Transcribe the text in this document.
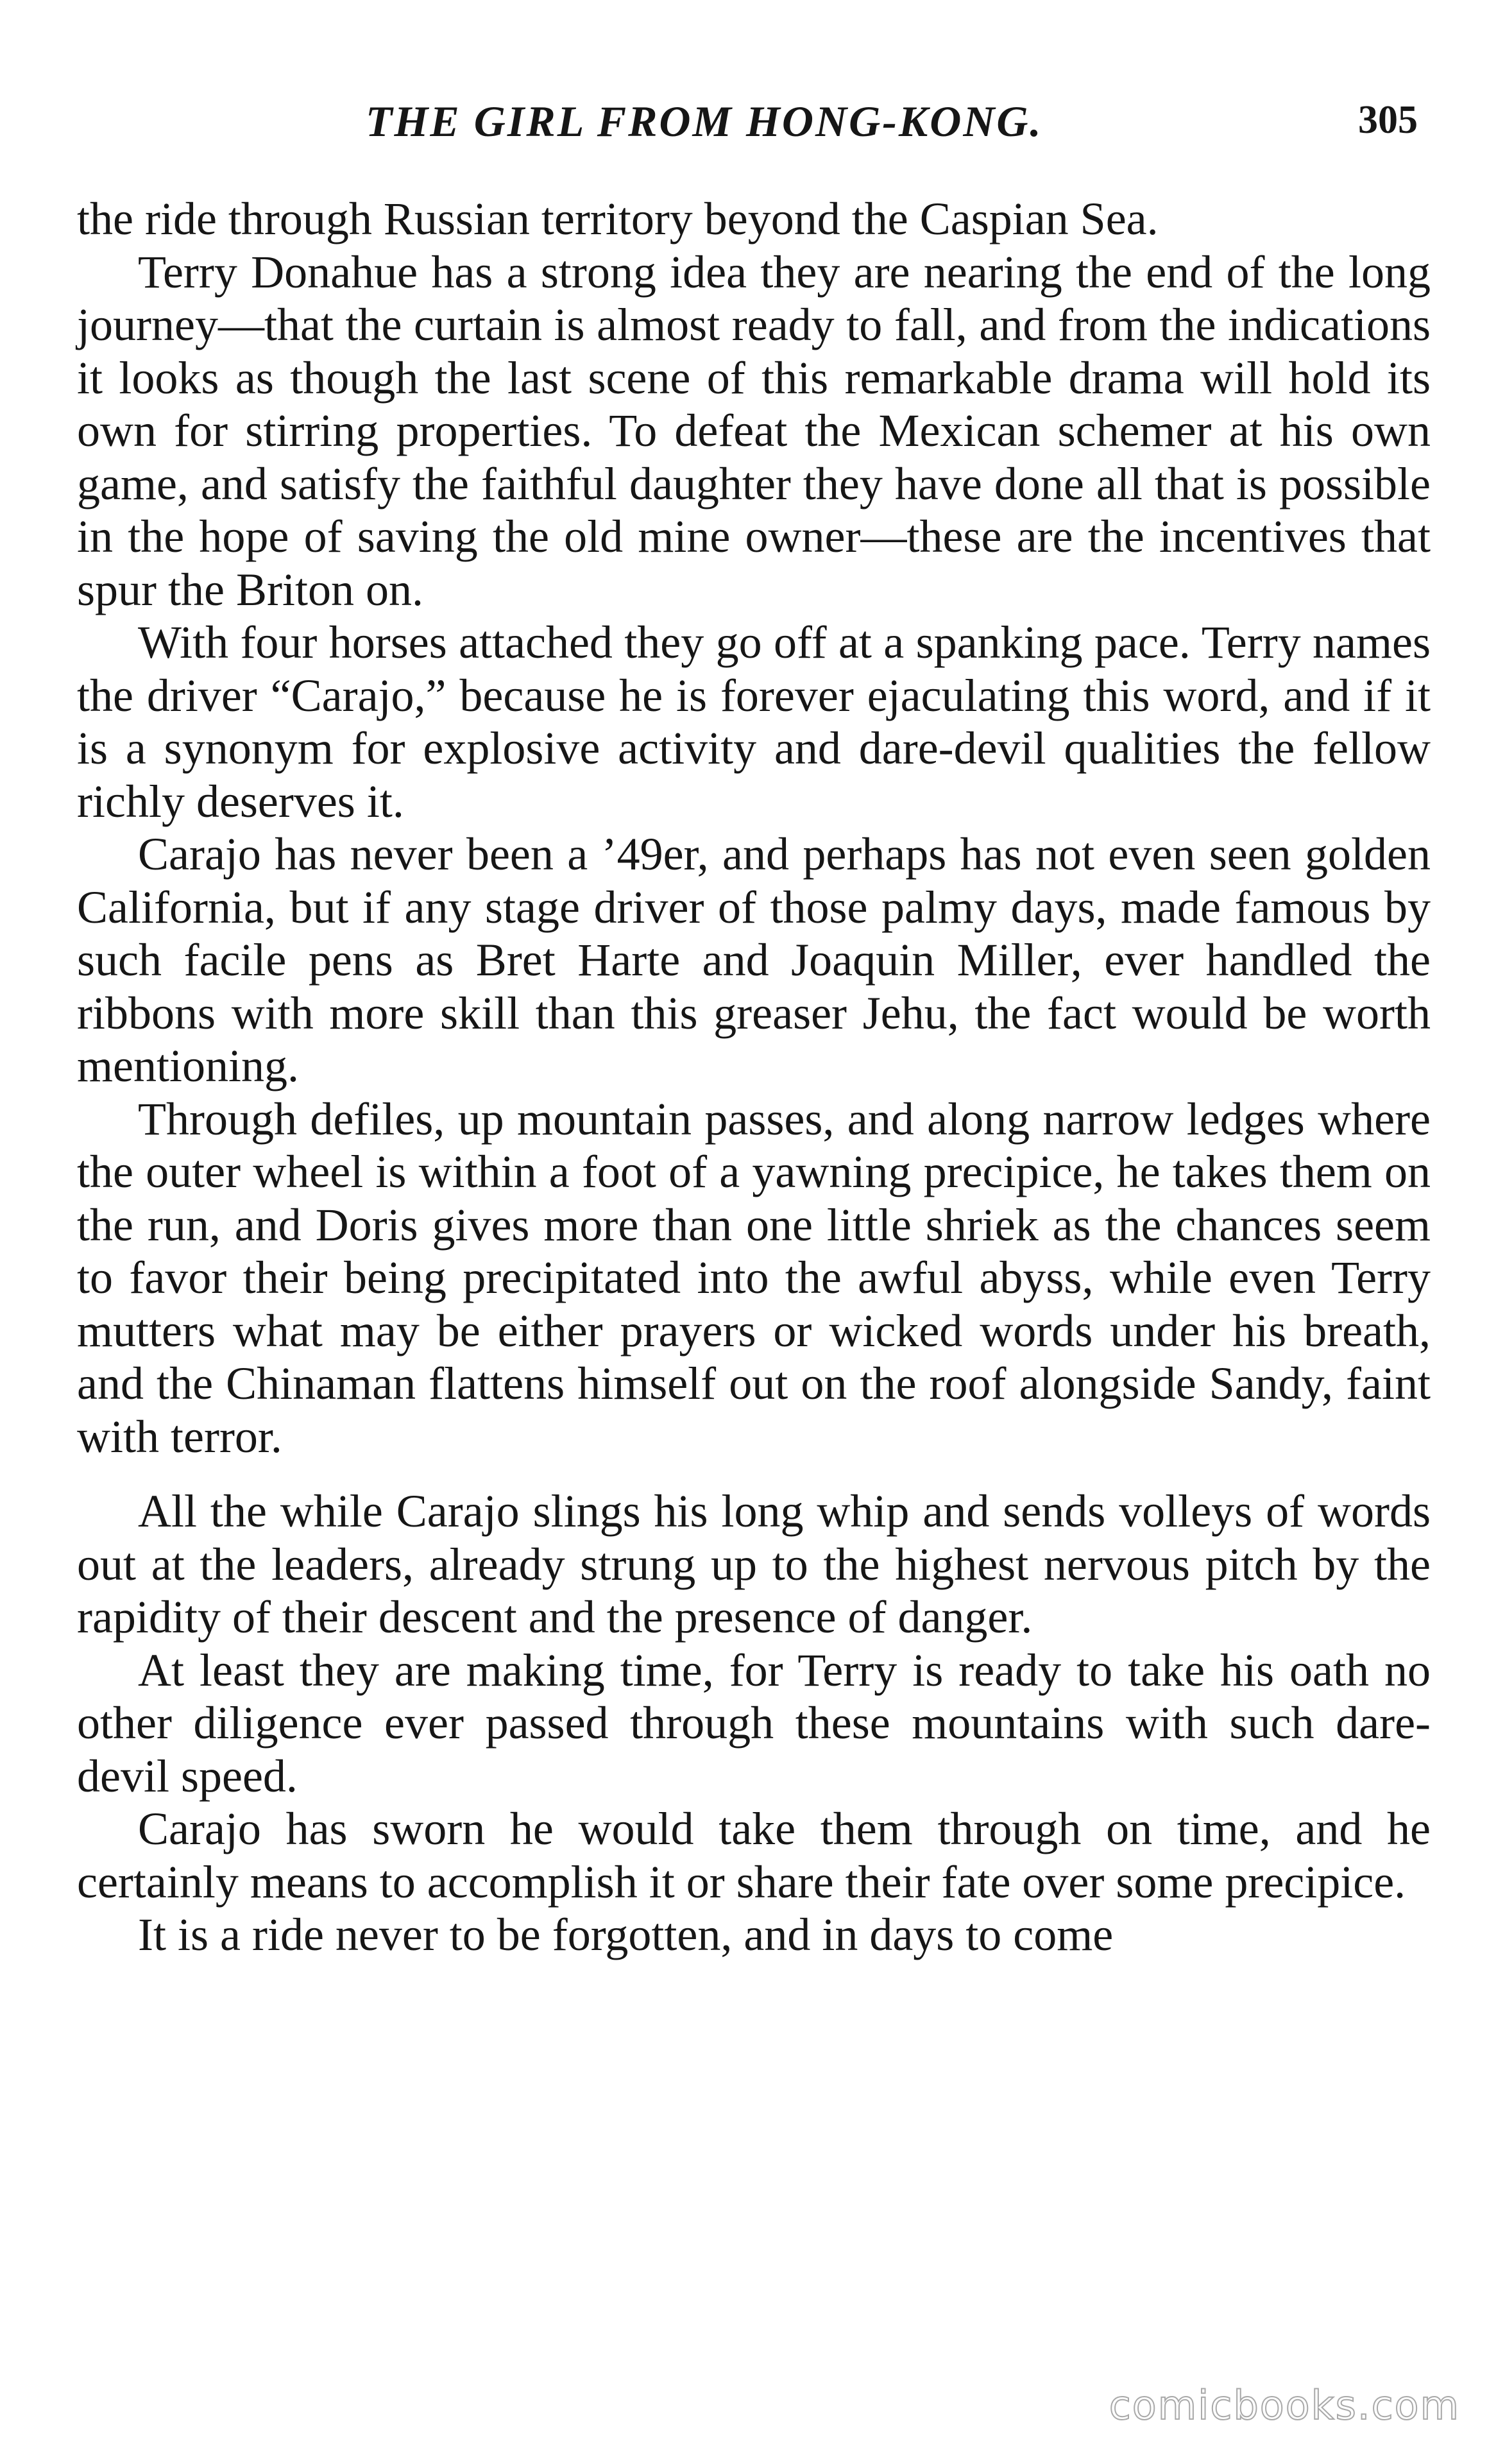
THE GIRL FROM HONG-KONG.	305

the ride through Russian territory beyond the Caspian Sea.

Terry Donahue has a strong idea they are nearing the end of the long journey—that the curtain is almost ready to fall, and from the indications it looks as though the last scene of this remarkable drama will hold its own for stirring properties. To defeat the Mexican schemer at his own game, and satisfy the faithful daughter they have done all that is possible in the hope of saving the old mine owner—these are the incentives that spur the Briton on.

With four horses attached they go off at a spanking pace. Terry names the driver “Carajo,” because he is forever ejaculating this word, and if it is a synonym for explosive activity and dare-devil qualities the fellow richly deserves it.

Carajo has never been a ’49er, and perhaps has not even seen golden California, but if any stage driver of those palmy days, made famous by such facile pens as Bret Harte and Joaquin Miller, ever handled the ribbons with more skill than this greaser Jehu, the fact would be worth mentioning.

Through defiles, up mountain passes, and along narrow ledges where the outer wheel is within a foot of a yawning precipice, he takes them on the run, and Doris gives more than one little shriek as the chances seem to favor their being precipitated into the awful abyss, while even Terry mutters what may be either prayers or wicked words under his breath, and the Chinaman flattens himself out on the roof alongside Sandy, faint with terror.

All the while Carajo slings his long whip and sends volleys of words out at the leaders, already strung up to the highest nervous pitch by the rapidity of their descent and the presence of danger.

At least they are making time, for Terry is ready to take his oath no other diligence ever passed through these mountains with such dare-devil speed.

Carajo has sworn he would take them through on time, and he certainly means to accomplish it or share their fate over some precipice.

It is a ride never to be forgotten, and in days to come

comicbooks.com
